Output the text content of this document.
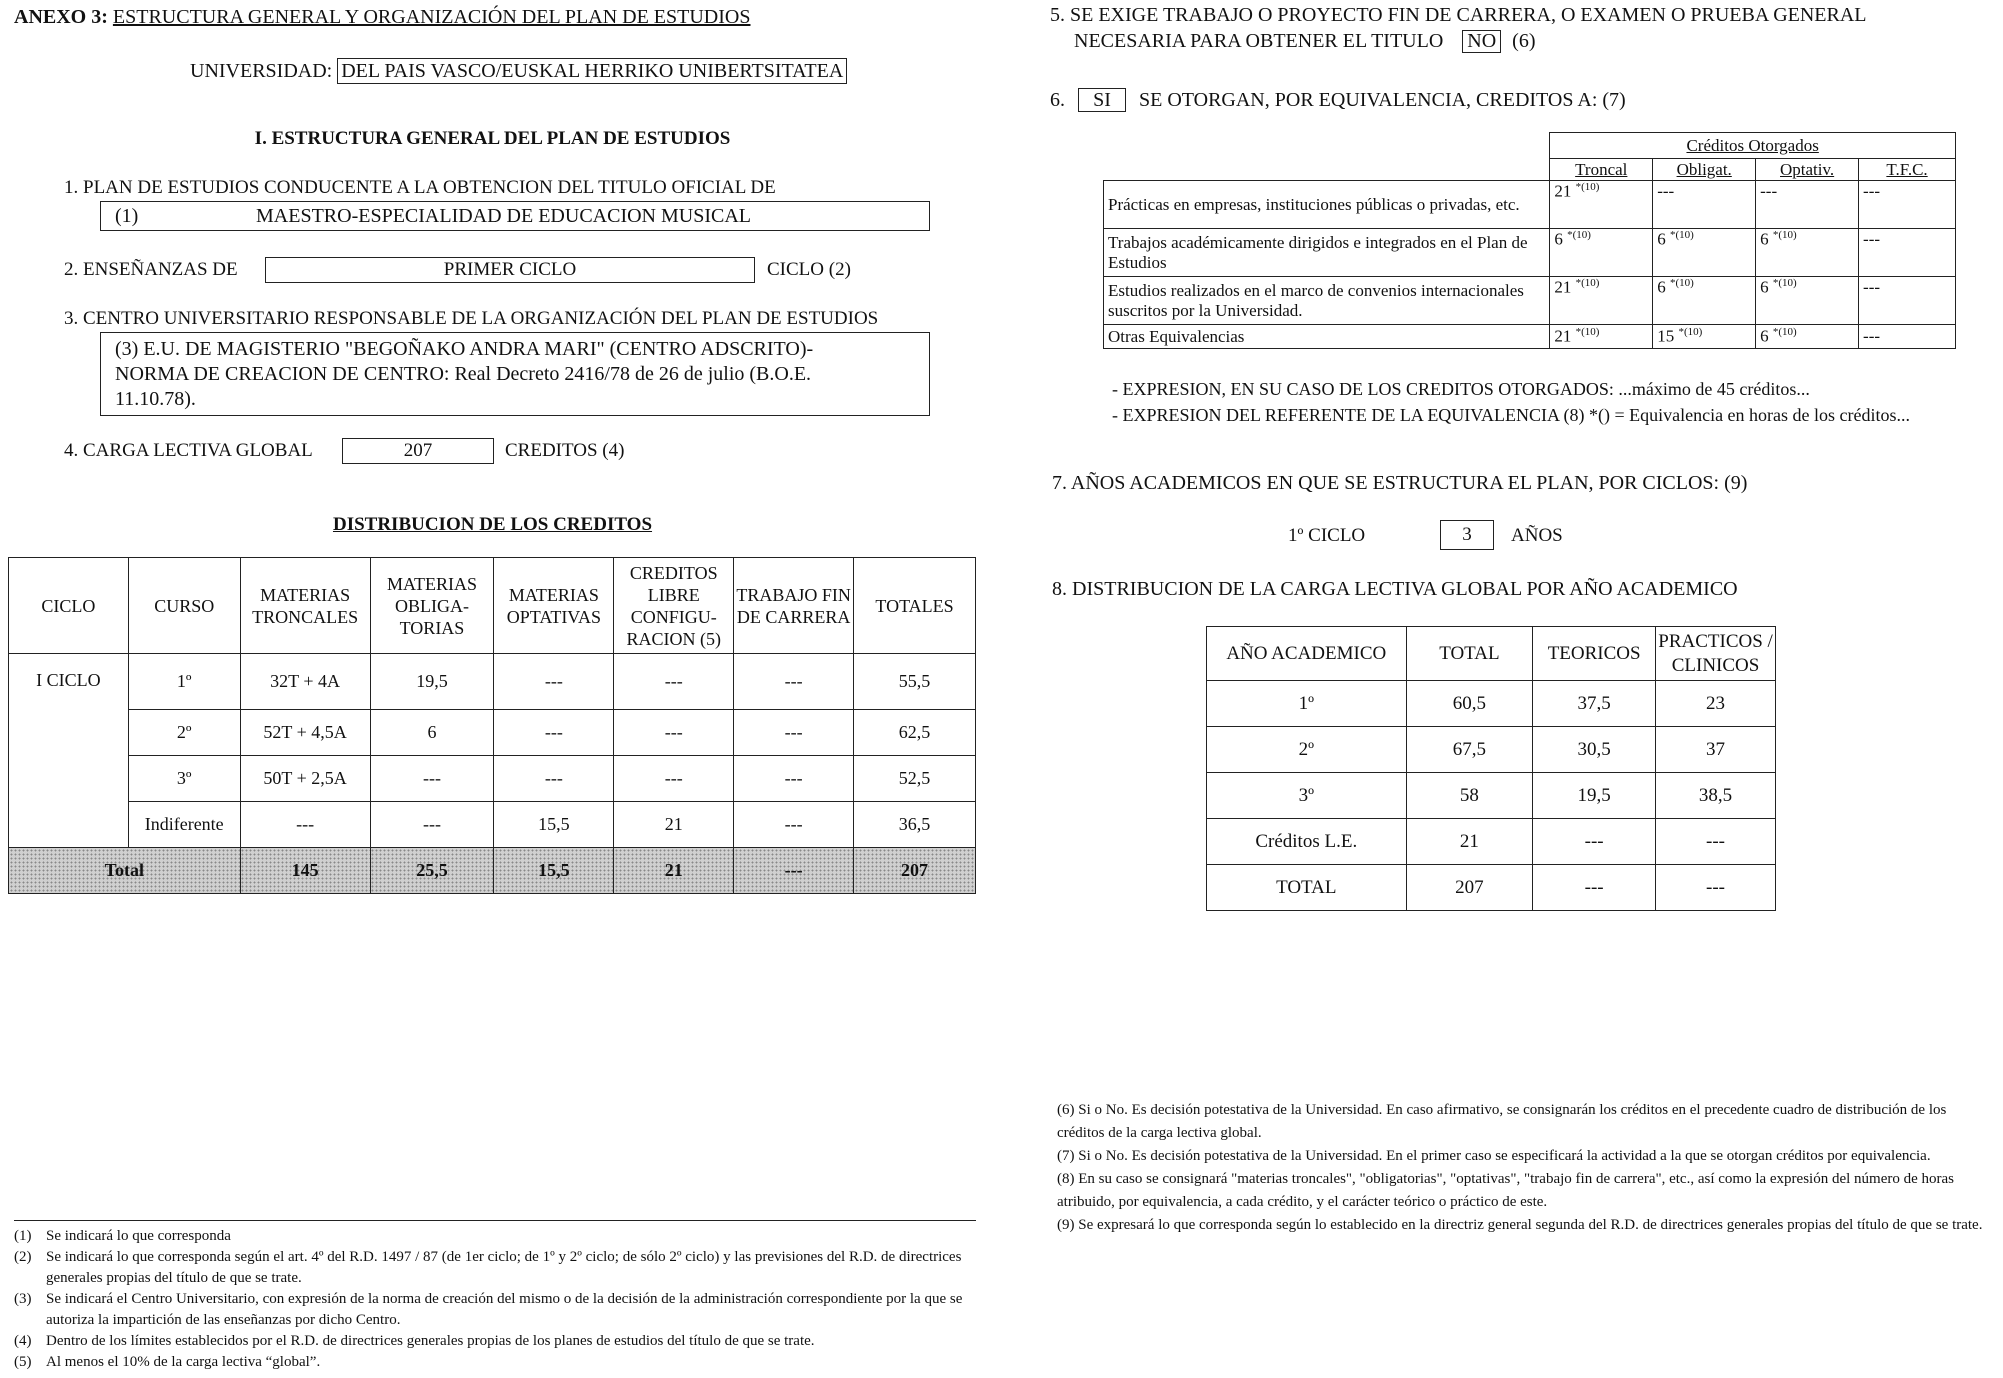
ANEXO 3: ESTRUCTURA GENERAL Y ORGANIZACIÓN DEL PLAN DE ESTUDIOS
UNIVERSIDAD: DEL PAIS VASCO/EUSKAL HERRIKO UNIBERTSITATEA
I. ESTRUCTURA GENERAL DEL PLAN DE ESTUDIOS
1. PLAN DE ESTUDIOS CONDUCENTE A LA OBTENCION DEL TITULO OFICIAL DE
(1)	MAESTRO-ESPECIALIDAD DE EDUCACION MUSICAL
2. ENSEÑANZAS DE	PRIMER CICLO	CICLO (2)
3. CENTRO UNIVERSITARIO RESPONSABLE DE LA ORGANIZACIÓN DEL PLAN DE ESTUDIOS
(3) E.U. DE MAGISTERIO "BEGOÑAKO ANDRA MARI" (CENTRO ADSCRITO)-
NORMA DE CREACION DE CENTRO: Real Decreto 2416/78 de 26 de julio (B.O.E.
11.10.78).
4. CARGA LECTIVA GLOBAL	207	CREDITOS (4)
DISTRIBUCION DE LOS CREDITOS
CICLO	CURSO	MATERIAS TRONCALES	MATERIAS OBLIGA-TORIAS	MATERIAS OPTATIVAS	CREDITOS LIBRE CONFIGU-RACION (5)	TRABAJO FIN DE CARRERA	TOTALES
I CICLO	1º	32T + 4A	19,5	---	---	---	55,5
	2º	52T + 4,5A	6	---	---	---	62,5
	3º	50T + 2,5A	---	---	---	---	52,5
	Indiferente	---	---	15,5	21	---	36,5
Total		145	25,5	15,5	21	---	207
(1) Se indicará lo que corresponda
(2) Se indicará lo que corresponda según el art. 4º del R.D. 1497 / 87 (de 1er ciclo; de 1º y 2º ciclo; de sólo 2º ciclo) y las previsiones del R.D. de directrices generales propias del título de que se trate.
(3) Se indicará el Centro Universitario, con expresión de la norma de creación del mismo o de la decisión de la administración correspondiente por la que se autoriza la impartición de las enseñanzas por dicho Centro.
(4) Dentro de los límites establecidos por el R.D. de directrices generales propias de los planes de estudios del título de que se trate.
(5) Al menos el 10% de la carga lectiva “global”.
5. SE EXIGE TRABAJO O PROYECTO FIN DE CARRERA, O EXAMEN O PRUEBA GENERAL
NECESARIA PARA OBTENER EL TITULO NO (6)
6. SI SE OTORGAN, POR EQUIVALENCIA, CREDITOS A: (7)
	Créditos Otorgados			
	Troncal	Obligat.	Optativ.	T.F.C.
Prácticas en empresas, instituciones públicas o privadas, etc.	21 $^{*(10)}$	---	---	---
Trabajos académicamente dirigidos e integrados en el Plan de Estudios	6 $^{*(10)}$	6 $^{*(10)}$	6 $^{*(10)}$	---
Estudios realizados en el marco de convenios internacionales suscritos por la Universidad.	21 $^{*(10)}$	6 $^{*(10)}$	6 $^{*(10)}$	---
Otras Equivalencias	21 $^{*(10)}$	15 $^{*(10)}$	6 $^{*(10)}$	---
- EXPRESION, EN SU CASO DE LOS CREDITOS OTORGADOS: ...máximo de 45 créditos...
- EXPRESION DEL REFERENTE DE LA EQUIVALENCIA (8) *() = Equivalencia en horas de los créditos...
7. AÑOS ACADEMICOS EN QUE SE ESTRUCTURA EL PLAN, POR CICLOS: (9)
1º CICLO	3	AÑOS
8. DISTRIBUCION DE LA CARGA LECTIVA GLOBAL POR AÑO ACADEMICO
AÑO ACADEMICO	TOTAL	TEORICOS	PRACTICOS / CLINICOS
1º	60,5	37,5	23
2º	67,5	30,5	37
3º	58	19,5	38,5
Créditos L.E.	21	---	---
TOTAL	207	---	---
(6) Si o No. Es decisión potestativa de la Universidad. En caso afirmativo, se consignarán los créditos en el precedente cuadro de distribución de los créditos de la carga lectiva global.
(7) Si o No. Es decisión potestativa de la Universidad. En el primer caso se especificará la actividad a la que se otorgan créditos por equivalencia.
(8) En su caso se consignará "materias troncales", "obligatorias", "optativas", "trabajo fin de carrera", etc., así como la expresión del número de horas atribuido, por equivalencia, a cada crédito, y el carácter teórico o práctico de este.
(9) Se expresará lo que corresponda según lo establecido en la directriz general segunda del R.D. de directrices generales propias del título de que se trate.
